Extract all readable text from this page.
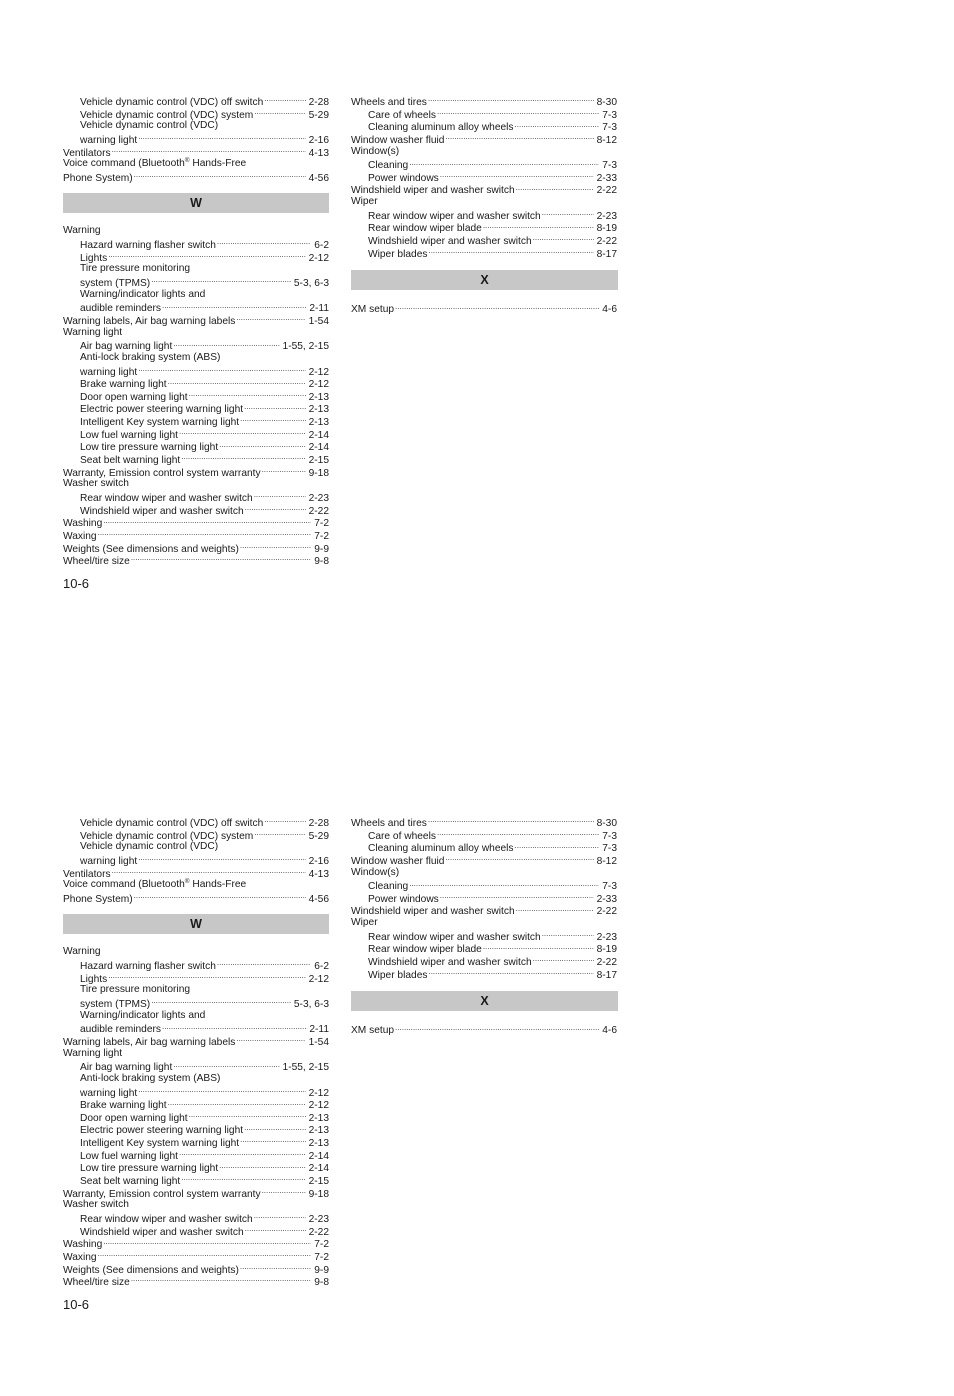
Vehicle dynamic control (VDC) off switch .....	2-28
Vehicle dynamic control (VDC) system .....	5-29
Vehicle dynamic control (VDC)
warning light .....	2-16
Ventilators .....	4-13
Voice command (Bluetooth® Hands-Free
Phone System) .....	4-56
W
Warning
Hazard warning flasher switch .....	6-2
Lights .....	2-12
Tire pressure monitoring
system (TPMS) .....	5-3, 6-3
Warning/indicator lights and
audible reminders .....	2-11
Warning labels, Air bag warning labels .....	1-54
Warning light
Air bag warning light .....	1-55, 2-15
Anti-lock braking system (ABS)
warning light .....	2-12
Brake warning light .....	2-12
Door open warning light .....	2-13
Electric power steering warning light .....	2-13
Intelligent Key system warning light .....	2-13
Low fuel warning light .....	2-14
Low tire pressure warning light .....	2-14
Seat belt warning light .....	2-15
Warranty, Emission control system warranty .....	9-18
Washer switch
Rear window wiper and washer switch .....	2-23
Windshield wiper and washer switch .....	2-22
Washing .....	7-2
Waxing .....	7-2
Weights (See dimensions and weights) .....	9-9
Wheel/tire size .....	9-8
Wheels and tires .....	8-30
Care of wheels .....	7-3
Cleaning aluminum alloy wheels .....	7-3
Window washer fluid .....	8-12
Window(s)
Cleaning .....	7-3
Power windows .....	2-33
Windshield wiper and washer switch .....	2-22
Wiper
Rear window wiper and washer switch .....	2-23
Rear window wiper blade .....	8-19
Windshield wiper and washer switch .....	2-22
Wiper blades .....	8-17
X
XM setup .....	4-6
10-6
Vehicle dynamic control (VDC) off switch .....	2-28
Vehicle dynamic control (VDC) system .....	5-29
Vehicle dynamic control (VDC)
warning light .....	2-16
Ventilators .....	4-13
Voice command (Bluetooth® Hands-Free
Phone System) .....	4-56
W
Warning
Hazard warning flasher switch .....	6-2
Lights .....	2-12
Tire pressure monitoring
system (TPMS) .....	5-3, 6-3
Warning/indicator lights and
audible reminders .....	2-11
Warning labels, Air bag warning labels .....	1-54
Warning light
Air bag warning light .....	1-55, 2-15
Anti-lock braking system (ABS)
warning light .....	2-12
Brake warning light .....	2-12
Door open warning light .....	2-13
Electric power steering warning light .....	2-13
Intelligent Key system warning light .....	2-13
Low fuel warning light .....	2-14
Low tire pressure warning light .....	2-14
Seat belt warning light .....	2-15
Warranty, Emission control system warranty .....	9-18
Washer switch
Rear window wiper and washer switch .....	2-23
Windshield wiper and washer switch .....	2-22
Washing .....	7-2
Waxing .....	7-2
Weights (See dimensions and weights) .....	9-9
Wheel/tire size .....	9-8
Wheels and tires .....	8-30
Care of wheels .....	7-3
Cleaning aluminum alloy wheels .....	7-3
Window washer fluid .....	8-12
Window(s)
Cleaning .....	7-3
Power windows .....	2-33
Windshield wiper and washer switch .....	2-22
Wiper
Rear window wiper and washer switch .....	2-23
Rear window wiper blade .....	8-19
Windshield wiper and washer switch .....	2-22
Wiper blades .....	8-17
X
XM setup .....	4-6
10-6
